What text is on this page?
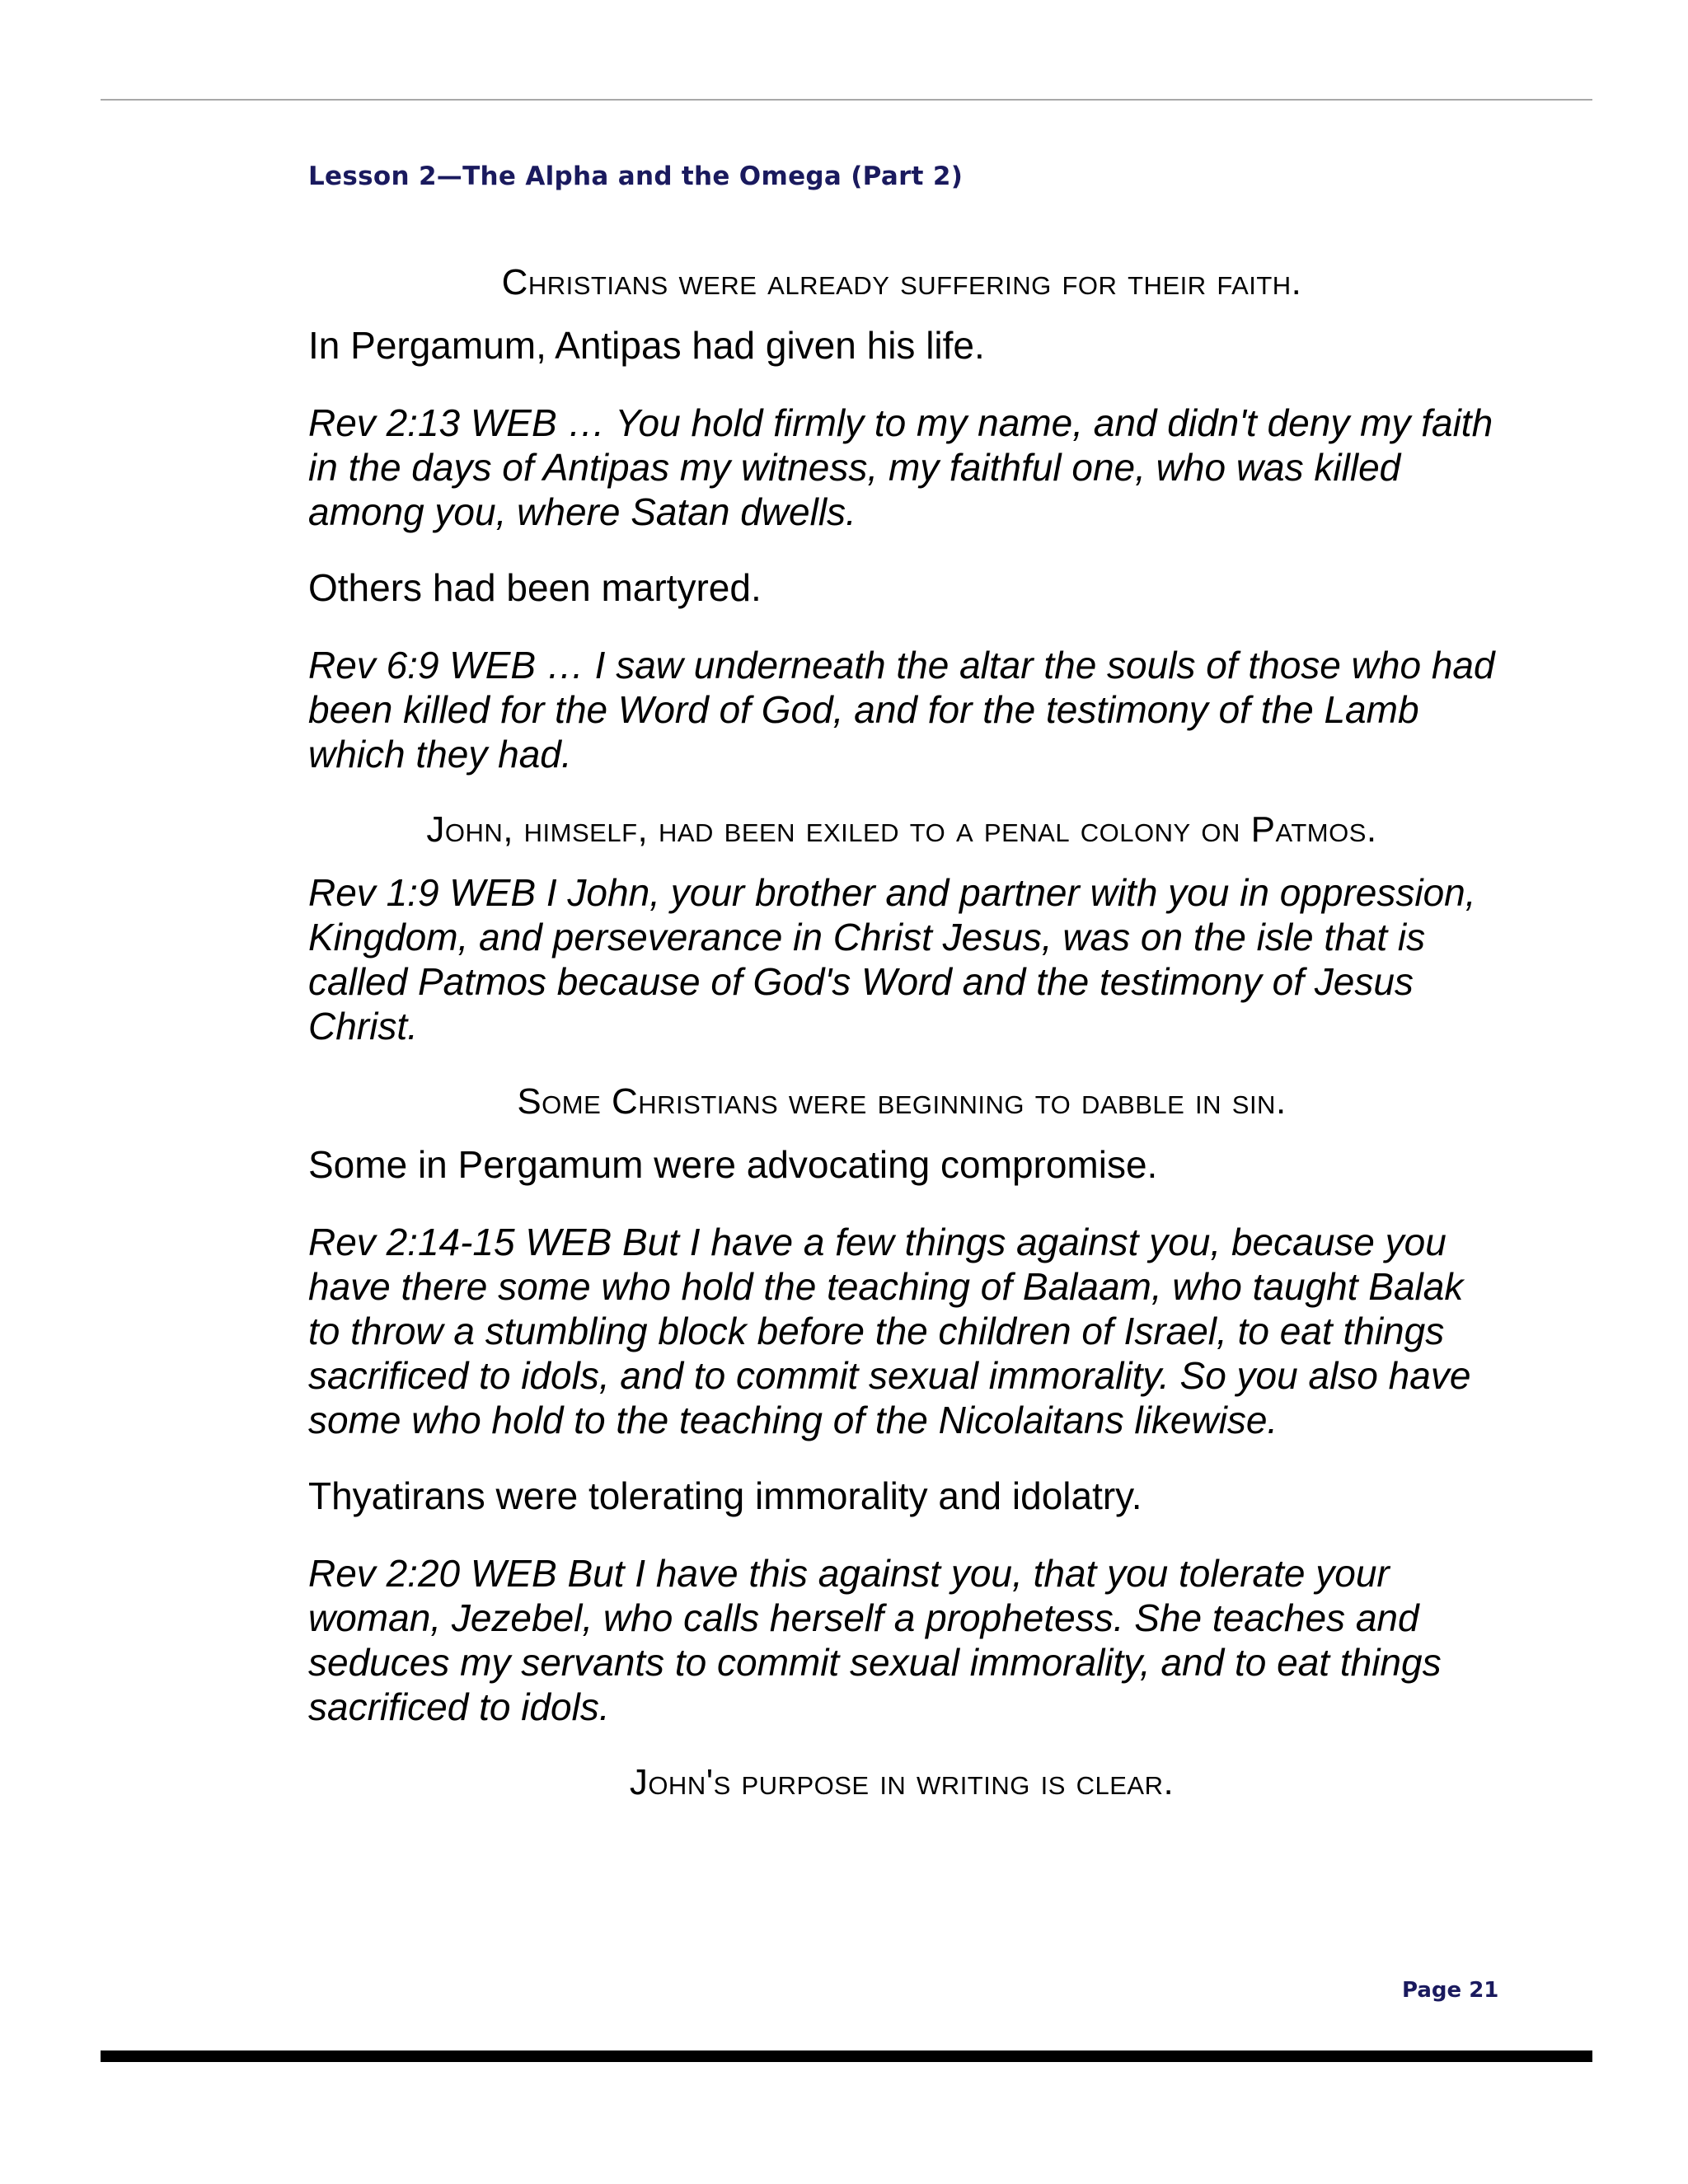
Lesson 2—The Alpha and the Omega (Part 2)
Christians were already suffering for their faith.
In Pergamum, Antipas had given his life.
Rev 2:13 WEB … You hold firmly to my name, and didn't deny my faith in the days of Antipas my witness, my faithful one, who was killed among you, where Satan dwells.
Others had been martyred.
Rev 6:9 WEB … I saw underneath the altar the souls of those who had been killed for the Word of God, and for the testimony of the Lamb which they had.
John, himself, had been exiled to a penal colony on Patmos.
Rev 1:9 WEB I John, your brother and partner with you in oppression, Kingdom, and perseverance in Christ Jesus, was on the isle that is called Patmos because of God's Word and the testimony of Jesus Christ.
Some Christians were beginning to dabble in sin.
Some in Pergamum were advocating compromise.
Rev 2:14-15 WEB But I have a few things against you, because you have there some who hold the teaching of Balaam, who taught Balak to throw a stumbling block before the children of Israel, to eat things sacrificed to idols, and to commit sexual immorality. So you also have some who hold to the teaching of the Nicolaitans likewise.
Thyatirans were tolerating immorality and idolatry.
Rev 2:20 WEB But I have this against you, that you tolerate your woman, Jezebel, who calls herself a prophetess. She teaches and seduces my servants to commit sexual immorality, and to eat things sacrificed to idols.
John's purpose in writing is clear.
Page 21
